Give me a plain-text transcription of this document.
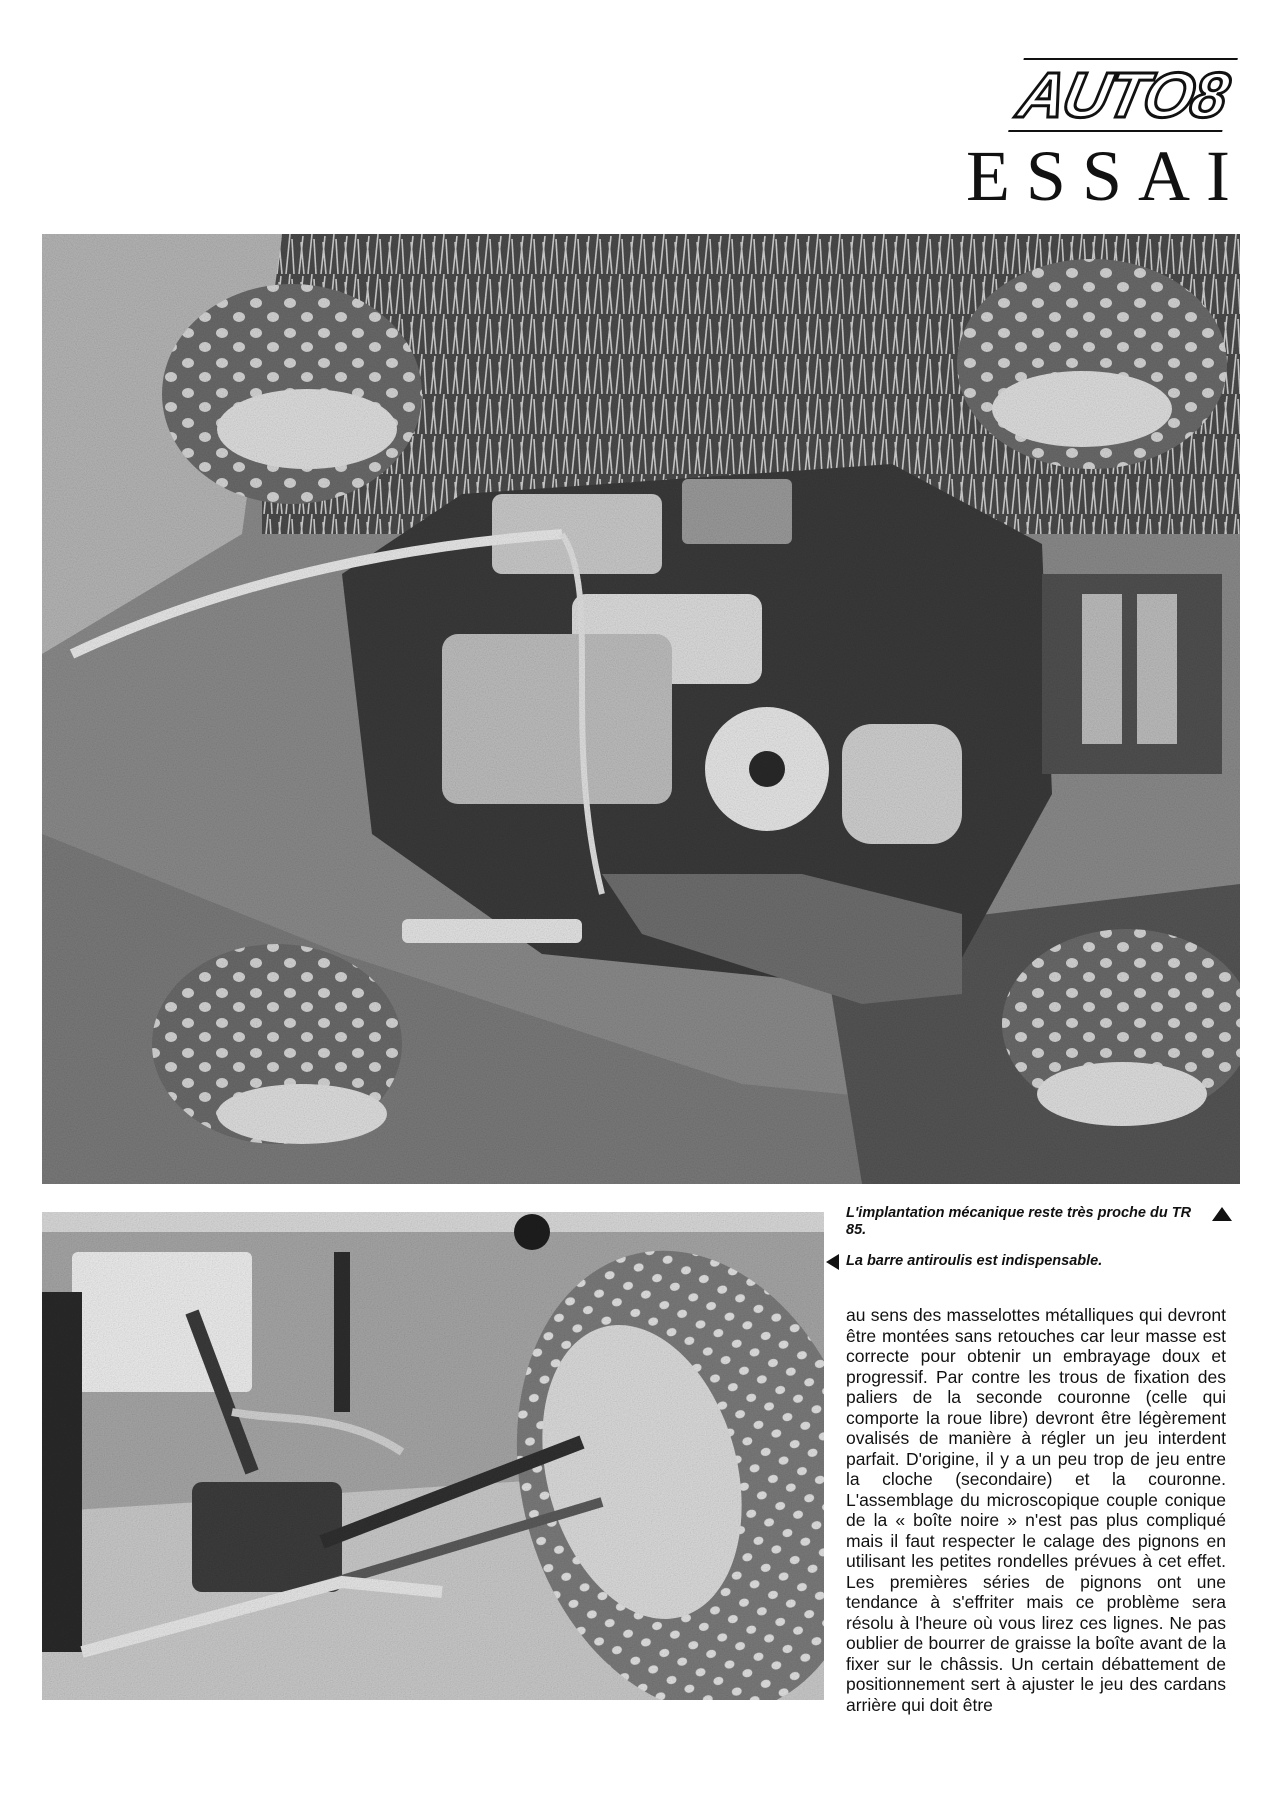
AUTO8
ESSAI
L'implantation mécanique reste très proche du TR 85.
La barre antiroulis est indispensable.
au sens des masselottes métalliques qui devront être montées sans retouches car leur masse est correcte pour obtenir un embrayage doux et progressif. Par contre les trous de fixation des paliers de la seconde couronne (celle qui comporte la roue libre) devront être légèrement ovalisés de manière à régler un jeu interdent parfait. D'origine, il y a un peu trop de jeu entre la cloche (secondaire) et la couronne. L'assemblage du microscopique couple conique de la « boîte noire » n'est pas plus compliqué mais il faut respecter le calage des pignons en utilisant les petites rondelles prévues à cet effet. Les premières séries de pignons ont une tendance à s'effriter mais ce problème sera résolu à l'heure où vous lirez ces lignes. Ne pas oublier de bourrer de graisse la boîte avant de la fixer sur le châssis. Un certain débattement de positionnement sert à ajuster le jeu des cardans arrière qui doit être
